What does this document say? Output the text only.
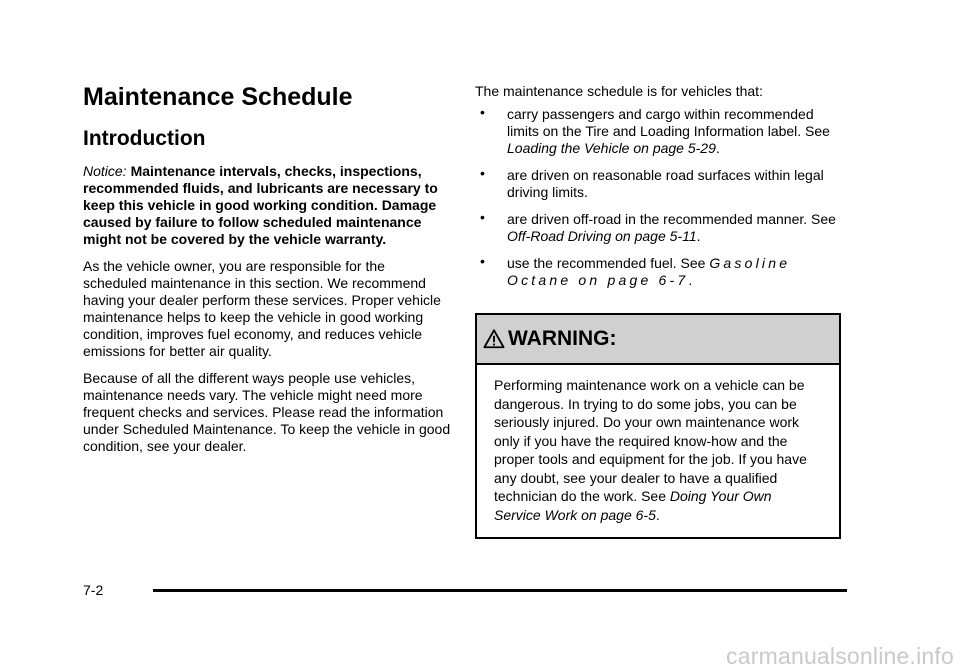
Maintenance Schedule
Introduction

Notice: Maintenance intervals, checks, inspections, recommended fluids, and lubricants are necessary to keep this vehicle in good working condition. Damage caused by failure to follow scheduled maintenance might not be covered by the vehicle warranty.

As the vehicle owner, you are responsible for the scheduled maintenance in this section. We recommend having your dealer perform these services. Proper vehicle maintenance helps to keep the vehicle in good working condition, improves fuel economy, and reduces vehicle emissions for better air quality.

Because of all the different ways people use vehicles, maintenance needs vary. The vehicle might need more frequent checks and services. Please read the information under Scheduled Maintenance. To keep the vehicle in good condition, see your dealer.

The maintenance schedule is for vehicles that:
• carry passengers and cargo within recommended limits on the Tire and Loading Information label. See Loading the Vehicle on page 5-29.
• are driven on reasonable road surfaces within legal driving limits.
• are driven off-road in the recommended manner. See Off-Road Driving on page 5-11.
• use the recommended fuel. See Gasoline Octane on page 6-7.
WARNING:
Performing maintenance work on a vehicle can be dangerous. In trying to do some jobs, you can be seriously injured. Do your own maintenance work only if you have the required know-how and the proper tools and equipment for the job. If you have any doubt, see your dealer to have a qualified technician do the work. See Doing Your Own Service Work on page 6-5.
7-2
carmanualsonline.info
